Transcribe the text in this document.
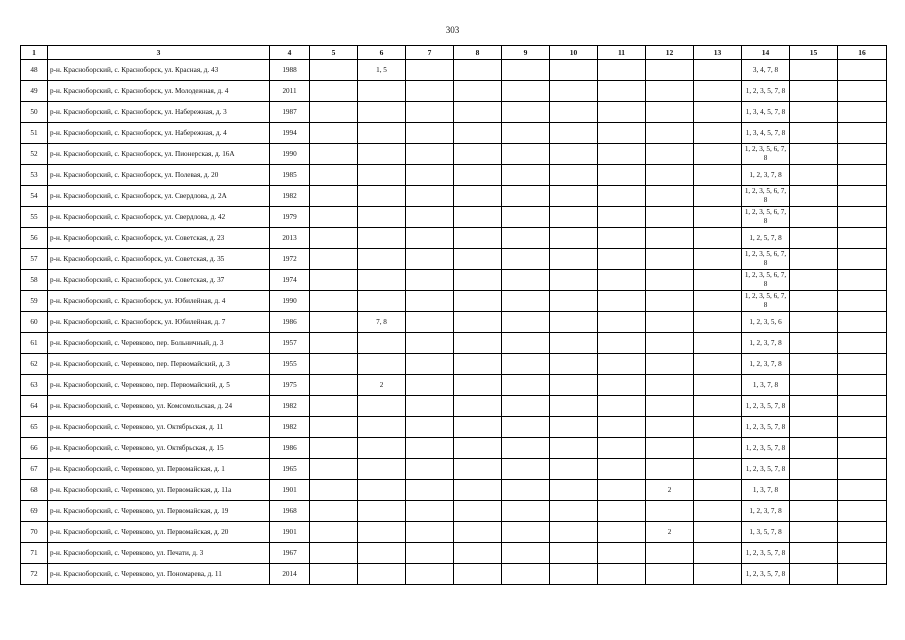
303
1	3	4	5	6	7	8	9	10	11	12	13	14	15	16
48	р-н. Красноборский, с. Красноборск, ул. Красная, д. 43	1988		1, 5								3, 4, 7, 8		
49	р-н. Красноборский, с. Красноборск, ул. Молодежная, д. 4	2011										1, 2, 3, 5, 7, 8		
50	р-н. Красноборский, с. Красноборск, ул. Набережная, д. 3	1987										1, 3, 4, 5, 7, 8		
51	р-н. Красноборский, с. Красноборск, ул. Набережная, д. 4	1994										1, 3, 4, 5, 7, 8		
52	р-н. Красноборский, с. Красноборск, ул. Пионерская, д. 16А	1990										1, 2, 3, 5, 6, 7, 8		
53	р-н. Красноборский, с. Красноборск, ул. Полевая, д. 20	1985										1, 2, 3, 7, 8		
54	р-н. Красноборский, с. Красноборск, ул. Свердлова, д. 2А	1982										1, 2, 3, 5, 6, 7, 8		
55	р-н. Красноборский, с. Красноборск, ул. Свердлова, д. 42	1979										1, 2, 3, 5, 6, 7, 8		
56	р-н. Красноборский, с. Красноборск, ул. Советская, д. 23	2013										1, 2, 5, 7, 8		
57	р-н. Красноборский, с. Красноборск, ул. Советская, д. 35	1972										1, 2, 3, 5, 6, 7, 8		
58	р-н. Красноборский, с. Красноборск, ул. Советская, д. 37	1974										1, 2, 3, 5, 6, 7, 8		
59	р-н. Красноборский, с. Красноборск, ул. Юбилейная, д. 4	1990										1, 2, 3, 5, 6, 7, 8		
60	р-н. Красноборский, с. Красноборск, ул. Юбилейная, д. 7	1986		7, 8								1, 2, 3, 5, 6		
61	р-н. Красноборский, с. Черевково, пер. Больничный, д. 3	1957										1, 2, 3, 7, 8		
62	р-н. Красноборский, с. Черевково, пер. Первомайский, д. 3	1955										1, 2, 3, 7, 8		
63	р-н. Красноборский, с. Черевково, пер. Первомайский, д. 5	1975		2								1, 3, 7, 8		
64	р-н. Красноборский, с. Черевково, ул. Комсомольская, д. 24	1982										1, 2, 3, 5, 7, 8		
65	р-н. Красноборский, с. Черевково, ул. Октябрьская, д. 11	1982										1, 2, 3, 5, 7, 8		
66	р-н. Красноборский, с. Черевково, ул. Октябрьская, д. 15	1986										1, 2, 3, 5, 7, 8		
67	р-н. Красноборский, с. Черевково, ул. Первомайская, д. 1	1965										1, 2, 3, 5, 7, 8		
68	р-н. Красноборский, с. Черевково, ул. Первомайская, д. 11а	1901								2		1, 3, 7, 8		
69	р-н. Красноборский, с. Черевково, ул. Первомайская, д. 19	1968										1, 2, 3, 7, 8		
70	р-н. Красноборский, с. Черевково, ул. Первомайская, д. 20	1901								2		1, 3, 5, 7, 8		
71	р-н. Красноборский, с. Черевково, ул. Печати, д. 3	1967										1, 2, 3, 5, 7, 8		
72	р-н. Красноборский, с. Черевково, ул. Пономарева, д. 11	2014										1, 2, 3, 5, 7, 8		
